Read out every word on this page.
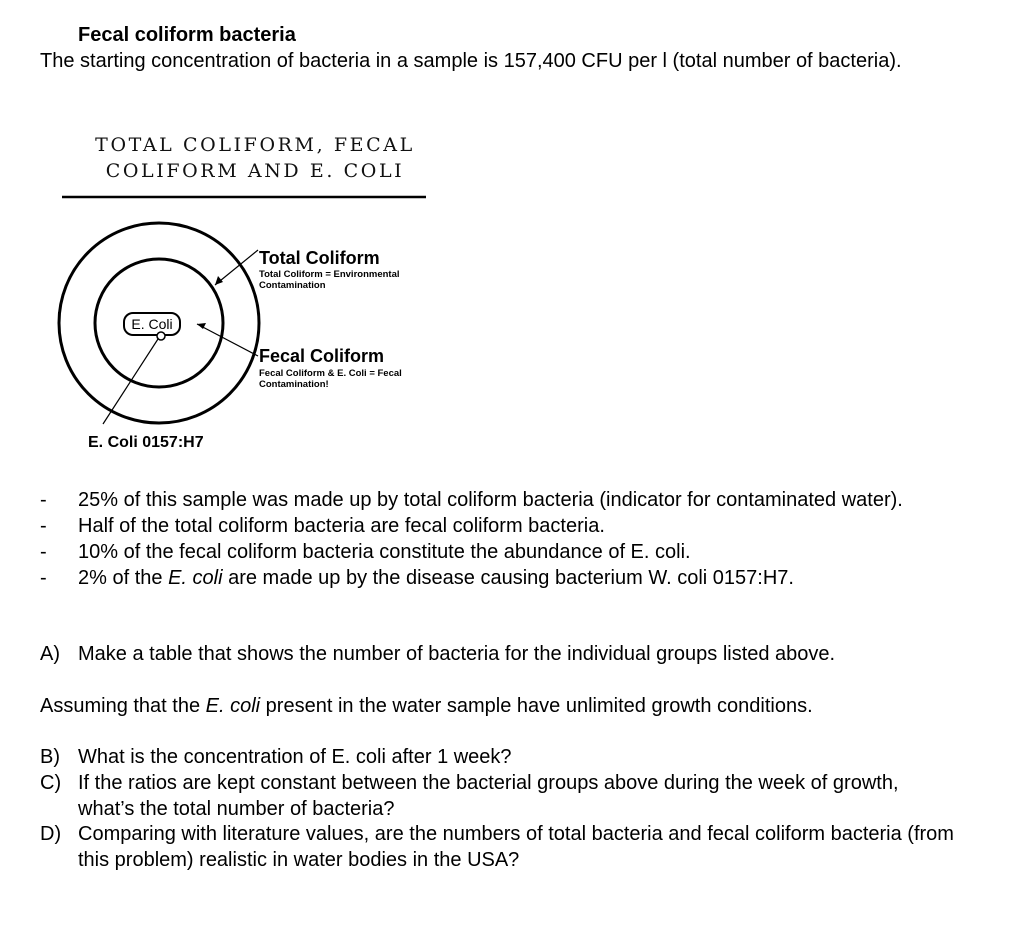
Fecal coliform bacteria
The starting concentration of bacteria in a sample is 157,400 CFU per l (total number of bacteria).
TOTAL COLIFORM, FECAL
COLIFORM AND E. COLI
E. Coli
Total Coliform
Total Coliform = Environmental
Contamination
Fecal Coliform
Fecal Coliform & E. Coli = Fecal
Contamination!
E. Coli 0157:H7
- 25% of this sample was made up by total coliform bacteria (indicator for contaminated water).
- Half of the total coliform bacteria are fecal coliform bacteria.
- 10% of the fecal coliform bacteria constitute the abundance of E. coli.
- 2% of the E. coli are made up by the disease causing bacterium W. coli 0157:H7.
A) Make a table that shows the number of bacteria for the individual groups listed above.
Assuming that the E. coli present in the water sample have unlimited growth conditions.
B) What is the concentration of E. coli after 1 week?
C) If the ratios are kept constant between the bacterial groups above during the week of growth, what’s the total number of bacteria?
D) Comparing with literature values, are the numbers of total bacteria and fecal coliform bacteria (from this problem) realistic in water bodies in the USA?
